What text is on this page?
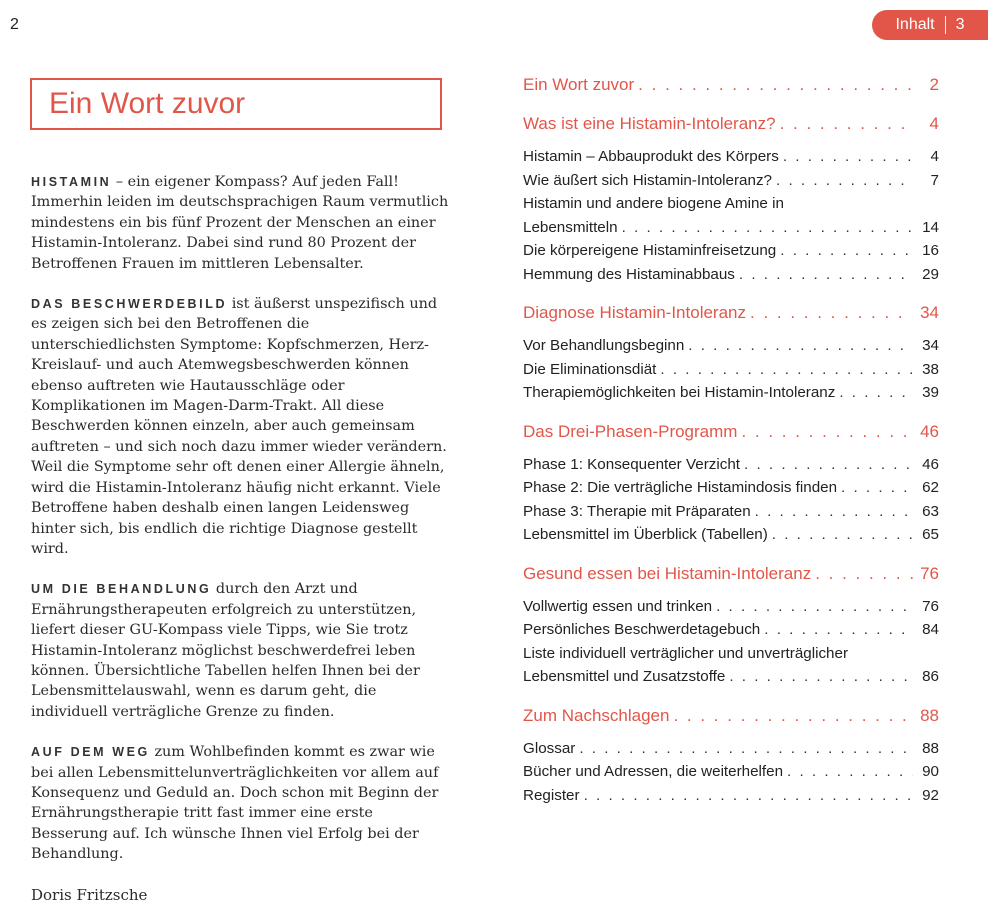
2	Inhalt 3
Ein Wort zuvor

HISTAMIN – ein eigener Kompass? Auf jeden Fall! Immerhin leiden im deutschsprachigen Raum vermutlich mindestens ein bis fünf Prozent der Menschen an einer Histamin-Intoleranz. Dabei sind rund 80 Prozent der Betroffenen Frauen im mittleren Lebensalter.

DAS BESCHWERDEBILD ist äußerst unspezifisch und es zeigen sich bei den Betroffenen die unterschiedlichsten Symptome: Kopfschmerzen, Herz-Kreislauf- und auch Atemwegsbeschwerden können ebenso auftreten wie Hautausschläge oder Komplikationen im Magen-Darm-Trakt. All diese Beschwerden können einzeln, aber auch gemeinsam auftreten – und sich noch dazu immer wieder verändern. Weil die Symptome sehr oft denen einer Allergie ähneln, wird die Histamin-Intoleranz häufig nicht erkannt. Viele Betroffene haben deshalb einen langen Leidensweg hinter sich, bis endlich die richtige Diagnose gestellt wird.

UM DIE BEHANDLUNG durch den Arzt und Ernährungstherapeuten erfolgreich zu unterstützen, liefert dieser GU-Kompass viele Tipps, wie Sie trotz Histamin-Intoleranz möglichst beschwerdefrei leben können. Übersichtliche Tabellen helfen Ihnen bei der Lebensmittelauswahl, wenn es darum geht, die individuell verträgliche Grenze zu finden.

AUF DEM WEG zum Wohlbefinden kommt es zwar wie bei allen Lebensmittelunverträglichkeiten vor allem auf Konsequenz und Geduld an. Doch schon mit Beginn der Ernährungstherapie tritt fast immer eine erste Besserung auf. Ich wünsche Ihnen viel Erfolg bei der Behandlung.

Doris Fritzsche
Ein Wort zuvor . . .	2
Was ist eine Histamin-Intoleranz? . . .	4
Histamin – Abbauprodukt des Körpers . . .	4
Wie äußert sich Histamin-Intoleranz? . . .	7
Histamin und andere biogene Amine in
Lebensmitteln . . .	14
Die körpereigene Histaminfreisetzung . . .	16
Hemmung des Histaminabbaus . . .	29
Diagnose Histamin-Intoleranz . . .	34
Vor Behandlungsbeginn . . .	34
Die Eliminationsdiät . . .	38
Therapiemöglichkeiten bei Histamin-Intoleranz . . .	39
Das Drei-Phasen-Programm . . .	46
Phase 1: Konsequenter Verzicht . . .	46
Phase 2: Die verträgliche Histamindosis finden . . .	62
Phase 3: Therapie mit Präparaten . . .	63
Lebensmittel im Überblick (Tabellen) . . .	65
Gesund essen bei Histamin-Intoleranz . . .	76
Vollwertig essen und trinken . . .	76
Persönliches Beschwerdetagebuch . . .	84
Liste individuell verträglicher und unverträglicher
Lebensmittel und Zusatzstoffe . . .	86
Zum Nachschlagen . . .	88
Glossar . . .	88
Bücher und Adressen, die weiterhelfen . . .	90
Register . . .	92
